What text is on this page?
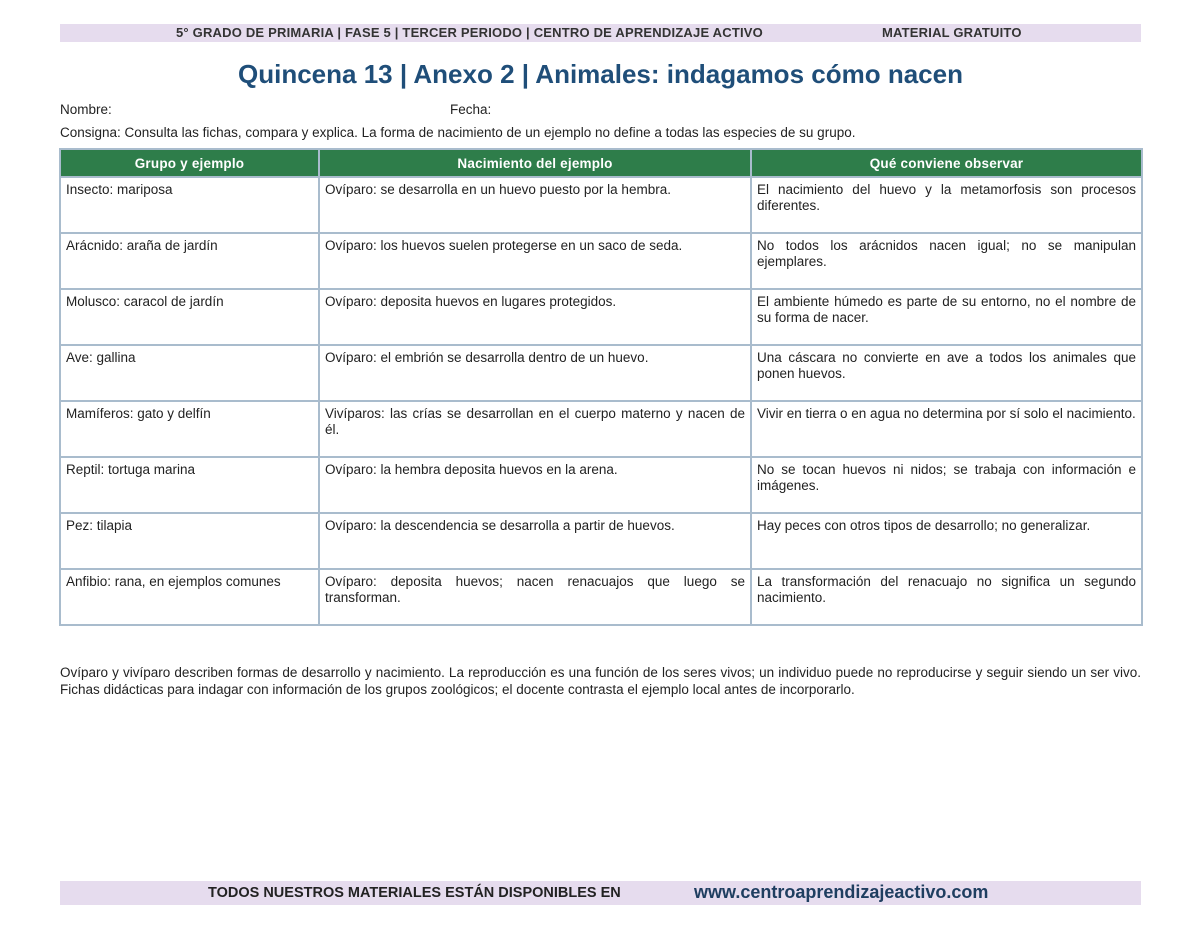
5° GRADO DE PRIMARIA | FASE 5 | TERCER PERIODO | CENTRO DE APRENDIZAJE ACTIVO	MATERIAL GRATUITO
Quincena 13 | Anexo 2 | Animales: indagamos cómo nacen
Nombre:	Fecha:
Consigna: Consulta las fichas, compara y explica. La forma de nacimiento de un ejemplo no define a todas las especies de su grupo.
Grupo y ejemplo	Nacimiento del ejemplo	Qué conviene observar
Insecto: mariposa	Ovíparo: se desarrolla en un huevo puesto por la hembra.	El nacimiento del huevo y la metamorfosis son procesos diferentes.
Arácnido: araña de jardín	Ovíparo: los huevos suelen protegerse en un saco de seda.	No todos los arácnidos nacen igual; no se manipulan ejemplares.
Molusco: caracol de jardín	Ovíparo: deposita huevos en lugares protegidos.	El ambiente húmedo es parte de su entorno, no el nombre de su forma de nacer.
Ave: gallina	Ovíparo: el embrión se desarrolla dentro de un huevo.	Una cáscara no convierte en ave a todos los animales que ponen huevos.
Mamíferos: gato y delfín	Vivíparos: las crías se desarrollan en el cuerpo materno y nacen de él.	Vivir en tierra o en agua no determina por sí solo el nacimiento.
Reptil: tortuga marina	Ovíparo: la hembra deposita huevos en la arena.	No se tocan huevos ni nidos; se trabaja con información e imágenes.
Pez: tilapia	Ovíparo: la descendencia se desarrolla a partir de huevos.	Hay peces con otros tipos de desarrollo; no generalizar.
Anfibio: rana, en ejemplos comunes	Ovíparo: deposita huevos; nacen renacuajos que luego se transforman.	La transformación del renacuajo no significa un segundo nacimiento.
Ovíparo y vivíparo describen formas de desarrollo y nacimiento. La reproducción es una función de los seres vivos; un individuo puede no reproducirse y seguir siendo un ser vivo. Fichas didácticas para indagar con información de los grupos zoológicos; el docente contrasta el ejemplo local antes de incorporarlo.
TODOS NUESTROS MATERIALES ESTÁN DISPONIBLES EN	www.centroaprendizajeactivo.com
